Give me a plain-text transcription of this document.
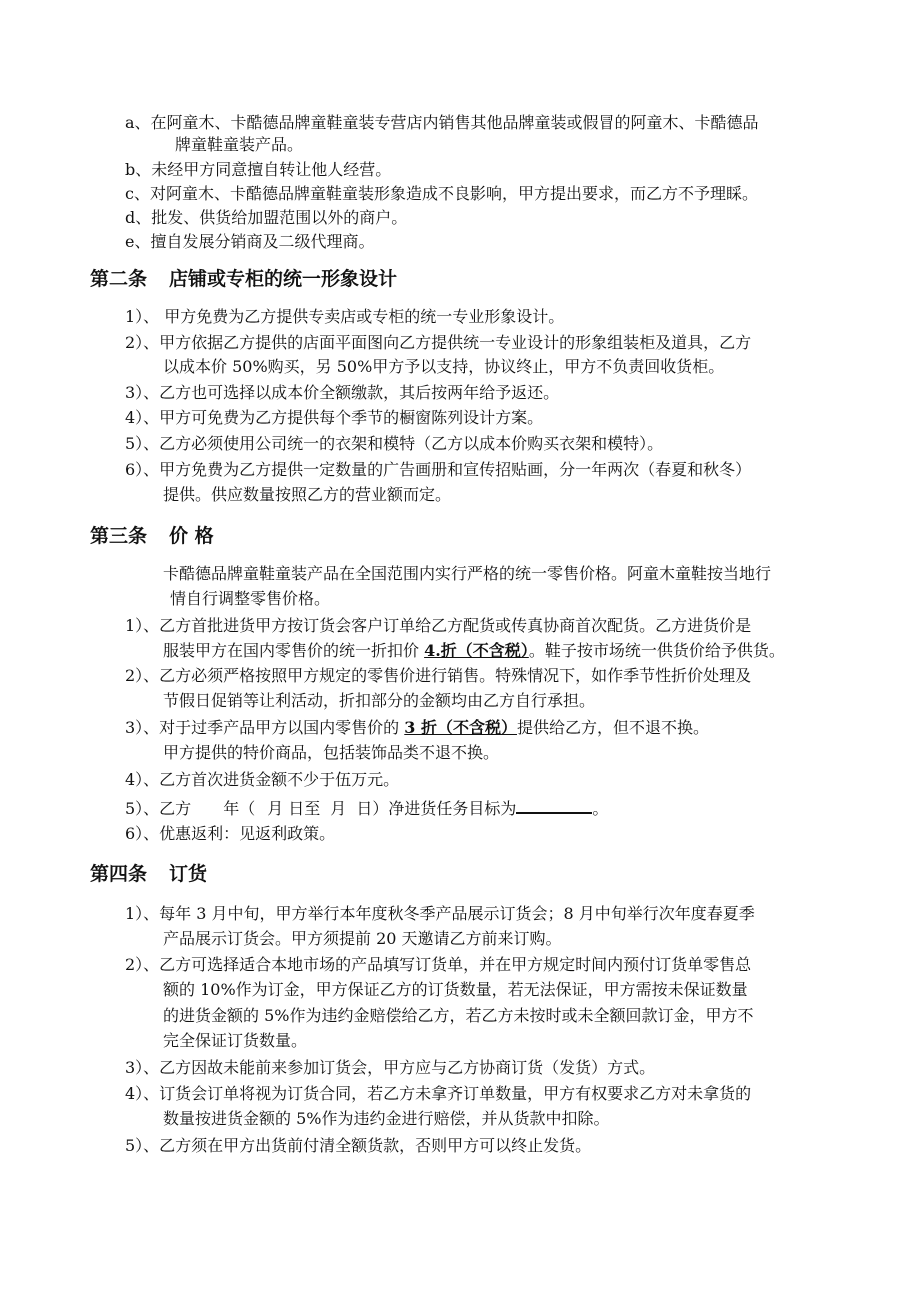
a、在阿童木、卡酷德品牌童鞋童装专营店内销售其他品牌童装或假冒的阿童木、卡酷德品
牌童鞋童装产品。
b、未经甲方同意擅自转让他人经营。
c、对阿童木、卡酷德品牌童鞋童装形象造成不良影响，甲方提出要求，而乙方不予理睬。
d、批发、供货给加盟范围以外的商户。
e、擅自发展分销商及二级代理商。
第二条 店铺或专柜的统一形象设计
1）、 甲方免费为乙方提供专卖店或专柜的统一专业形象设计。
2）、甲方依据乙方提供的店面平面图向乙方提供统一专业设计的形象组装柜及道具，乙方
以成本价 50%购买，另 50%甲方予以支持，协议终止，甲方不负责回收货柜。
3）、乙方也可选择以成本价全额缴款，其后按两年给予返还。
4）、甲方可免费为乙方提供每个季节的橱窗陈列设计方案。
5）、乙方必须使用公司统一的衣架和模特（乙方以成本价购买衣架和模特）。
6）、甲方免费为乙方提供一定数量的广告画册和宣传招贴画，分一年两次（春夏和秋冬）
提供。供应数量按照乙方的营业额而定。
第三条 价 格
卡酷德品牌童鞋童装产品在全国范围内实行严格的统一零售价格。阿童木童鞋按当地行
情自行调整零售价格。
1）、乙方首批进货甲方按订货会客户订单给乙方配货或传真协商首次配货。乙方进货价是
服装甲方在国内零售价的统一折扣价 4.折（不含税）。鞋子按市场统一供货价给予供货。
2）、乙方必须严格按照甲方规定的零售价进行销售。特殊情况下，如作季节性折价处理及
节假日促销等让利活动，折扣部分的金额均由乙方自行承担。
3）、对于过季产品甲方以国内零售价的 3 折（不含税）提供给乙方，但不退不换。
甲方提供的特价商品，包括装饰品类不退不换。
4）、乙方首次进货金额不少于伍万元。
5）、乙方 年（ 月 日至 月 日）净进货任务目标为	。
6）、优惠返利：见返利政策。
第四条 订货
1）、每年 3 月中旬，甲方举行本年度秋冬季产品展示订货会；8 月中旬举行次年度春夏季
产品展示订货会。甲方须提前 20 天邀请乙方前来订购。
2）、乙方可选择适合本地市场的产品填写订货单，并在甲方规定时间内预付订货单零售总
额的 10%作为订金，甲方保证乙方的订货数量，若无法保证，甲方需按未保证数量
的进货金额的 5%作为违约金赔偿给乙方，若乙方未按时或未全额回款订金，甲方不
完全保证订货数量。
3）、乙方因故未能前来参加订货会，甲方应与乙方协商订货（发货）方式。
4）、订货会订单将视为订货合同，若乙方未拿齐订单数量，甲方有权要求乙方对未拿货的
数量按进货金额的 5%作为违约金进行赔偿，并从货款中扣除。
5）、乙方须在甲方出货前付清全额货款，否则甲方可以终止发货。
